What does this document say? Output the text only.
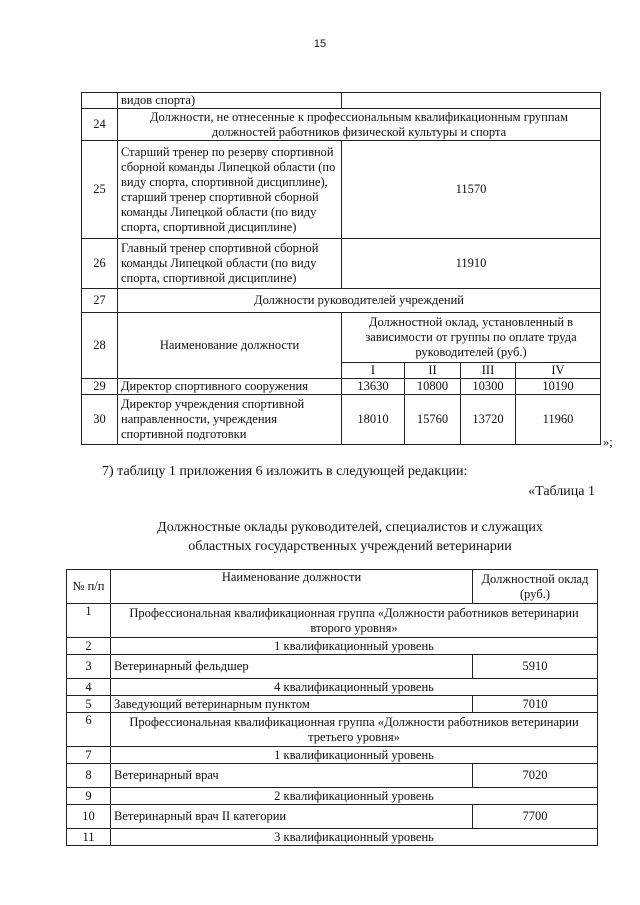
15
	видов спорта)				
24	Должности, не отнесенные к профессиональным квалификационным группам должностей работников физической культуры и спорта				
25	Старший тренер по резерву спортивной сборной команды Липецкой области (по виду спорта, спортивной дисциплине), старший тренер спортивной сборной команды Липецкой области (по виду спорта, спортивной дисциплине)	11570			
26	Главный тренер спортивной сборной команды Липецкой области (по виду спорта, спортивной дисциплине)	11910			
27	Должности руководителей учреждений				
28	Наименование должности	Должностной оклад, установленный в зависимости от группы по оплате труда руководителей (руб.)			
		I	II	III	IV
29	Директор спортивного сооружения	13630	10800	10300	10190
30	Директор учреждения спортивной направленности, учреждения спортивной подготовки	18010	15760	13720	11960
»;
7) таблицу 1 приложения 6 изложить в следующей редакции:
«Таблица 1
Должностные оклады руководителей, специалистов и служащих
областных государственных учреждений ветеринарии
№ п/п	Наименование должности	Должностной оклад (руб.)
1	Профессиональная квалификационная группа «Должности работников ветеринарии второго уровня»	
2	1 квалификационный уровень	
3	Ветеринарный фельдшер	5910
4	4 квалификационный уровень	
5	Заведующий ветеринарным пунктом	7010
6	Профессиональная квалификационная группа «Должности работников ветеринарии третьего уровня»	
7	1 квалификационный уровень	
8	Ветеринарный врач	7020
9	2 квалификационный уровень	
10	Ветеринарный врач II категории	7700
11	3 квалификационный уровень	
